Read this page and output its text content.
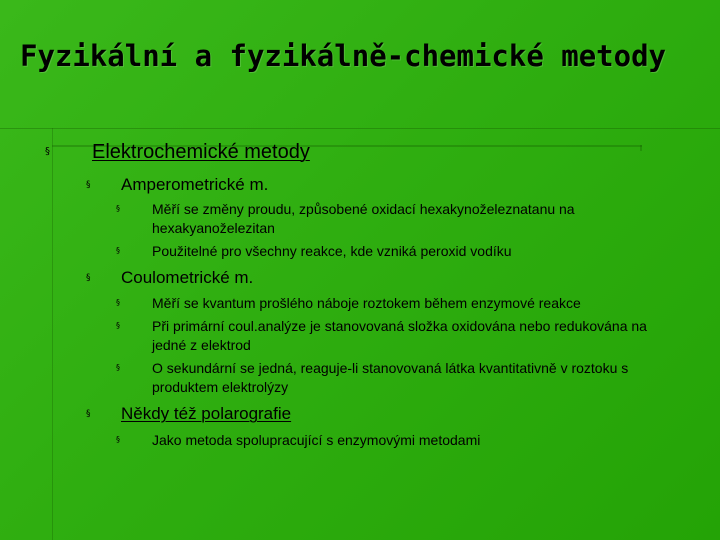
Fyzikální a fyzikálně-chemické metody
§	Elektrochemické metody
§	Amperometrické m.
§	Měří se změny proudu, způsobené oxidací hexakynoželeznatanu na hexakyanoželezitan
§	Použitelné pro všechny reakce, kde vzniká peroxid vodíku
§	Coulometrické m.
§	Měří se kvantum prošlého náboje roztokem během enzymové reakce
§	Při primární coul.analýze je stanovovaná složka oxidována nebo redukována na jedné z elektrod
§	O sekundární se jedná, reaguje-li stanovovaná látka kvantitativně v roztoku s produktem elektrolýzy
§	Někdy též polarografie
§	Jako metoda spolupracující s enzymovými metodami
